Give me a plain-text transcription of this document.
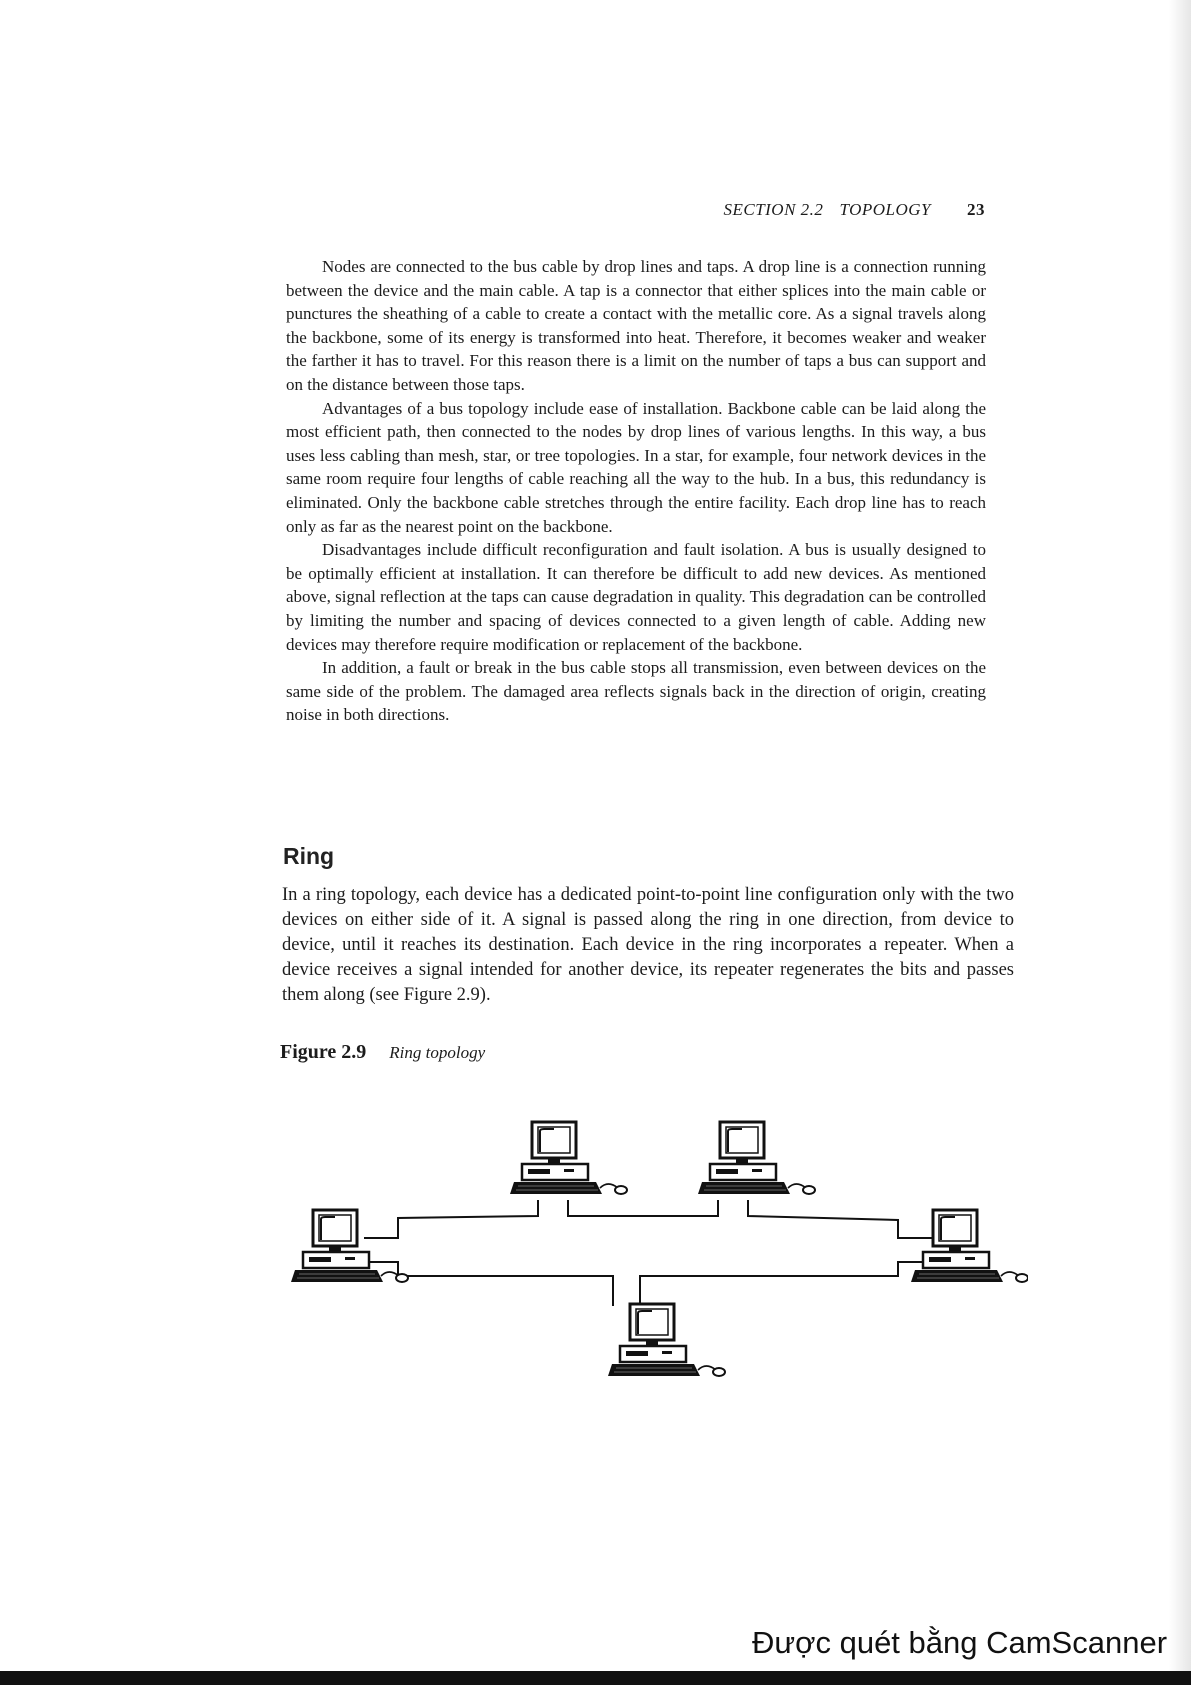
SECTION 2.2 TOPOLOGY 23

Nodes are connected to the bus cable by drop lines and taps. A drop line is a connection running between the device and the main cable. A tap is a connector that either splices into the main cable or punctures the sheathing of a cable to create a contact with the metallic core. As a signal travels along the backbone, some of its energy is transformed into heat. Therefore, it becomes weaker and weaker the farther it has to travel. For this reason there is a limit on the number of taps a bus can support and on the distance between those taps.

Advantages of a bus topology include ease of installation. Backbone cable can be laid along the most efficient path, then connected to the nodes by drop lines of various lengths. In this way, a bus uses less cabling than mesh, star, or tree topologies. In a star, for example, four network devices in the same room require four lengths of cable reaching all the way to the hub. In a bus, this redundancy is eliminated. Only the backbone cable stretches through the entire facility. Each drop line has to reach only as far as the nearest point on the backbone.

Disadvantages include difficult reconfiguration and fault isolation. A bus is usually designed to be optimally efficient at installation. It can therefore be difficult to add new devices. As mentioned above, signal reflection at the taps can cause degradation in quality. This degradation can be controlled by limiting the number and spacing of devices connected to a given length of cable. Adding new devices may therefore require modification or replacement of the backbone.

In addition, a fault or break in the bus cable stops all transmission, even between devices on the same side of the problem. The damaged area reflects signals back in the direction of origin, creating noise in both directions.

Ring

In a ring topology, each device has a dedicated point-to-point line configuration only with the two devices on either side of it. A signal is passed along the ring in one direction, from device to device, until it reaches its destination. Each device in the ring incorporates a repeater. When a device receives a signal intended for another device, its repeater regenerates the bits and passes them along (see Figure 2.9).

Figure 2.9 Ring topology
Được quét bằng CamScanner
